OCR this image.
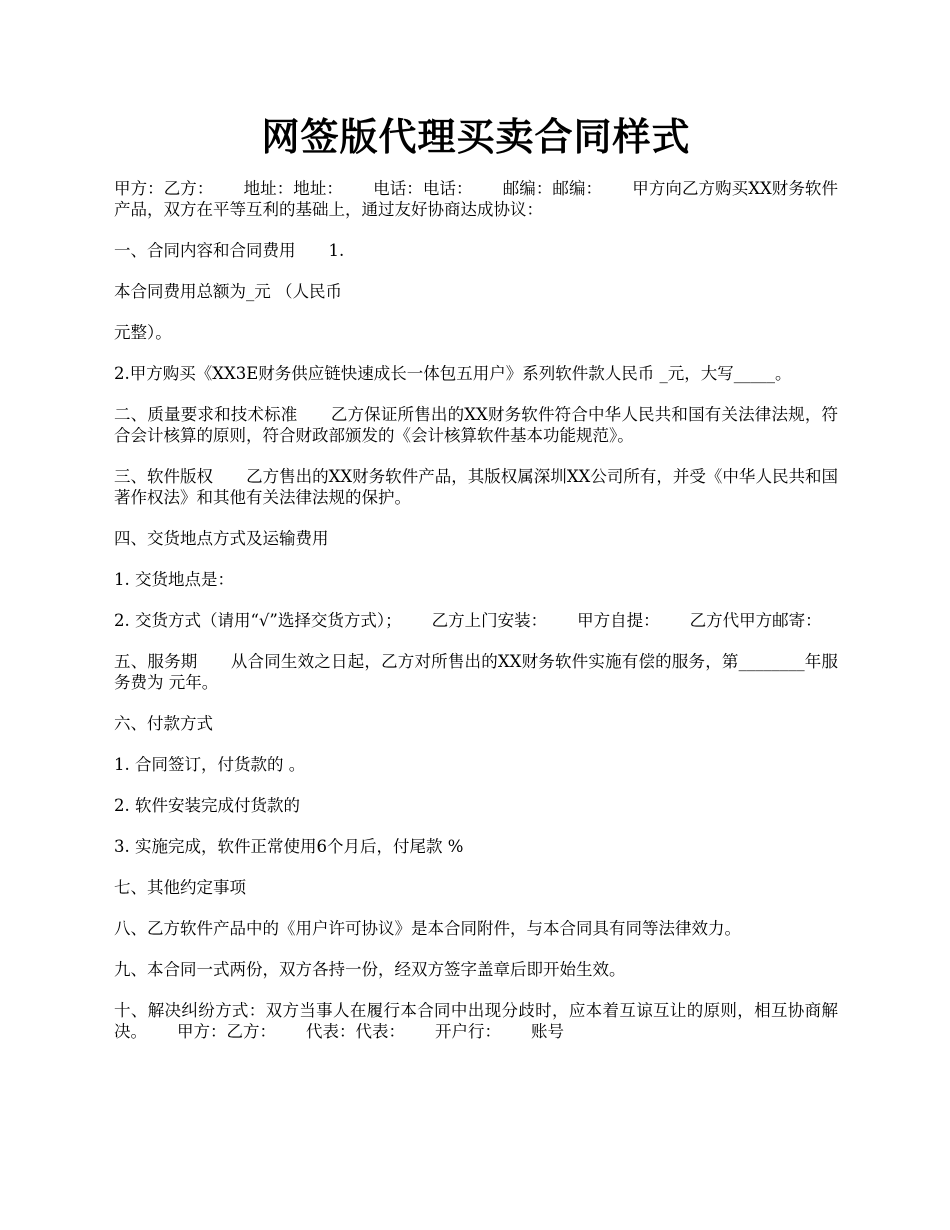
网签版代理买卖合同样式

甲方：乙方：　　 地址：地址：　　 电话：电话：　　 邮编：邮编：　　 甲方向乙方购买XX财务软件产品，双方在平等互利的基础上，通过友好协商达成协议：

一、合同内容和合同费用　　1.

本合同费用总额为_元 （人民币

元整）。

2.甲方购买《XX3E财务供应链快速成长一体包五用户》系列软件款人民币 _元，大写_____。

二、质量要求和技术标准　　乙方保证所售出的XX财务软件符合中华人民共和国有关法律法规，符合会计核算的原则，符合财政部颁发的《会计核算软件基本功能规范》。

三、软件版权　　乙方售出的XX财务软件产品，其版权属深圳XX公司所有，并受《中华人民共和国著作权法》和其他有关法律法规的保护。

四、交货地点方式及运输费用

1. 交货地点是：

2. 交货方式（请用“√”选择交货方式）；　　 乙方上门安装：　　 甲方自提：　　 乙方代甲方邮寄：

五、服务期　　从合同生效之日起，乙方对所售出的XX财务软件实施有偿的服务，第________年服务费为 元年。

六、付款方式

1. 合同签订，付货款的 。

2. 软件安装完成付货款的

3. 实施完成，软件正常使用6个月后，付尾款 %

七、其他约定事项

八、乙方软件产品中的《用户许可协议》是本合同附件，与本合同具有同等法律效力。

九、本合同一式两份，双方各持一份，经双方签字盖章后即开始生效。

十、解决纠纷方式：双方当事人在履行本合同中出现分歧时，应本着互谅互让的原则，相互协商解决。　　 甲方：乙方：　　 代表：代表：　　 开户行：　　 账号
